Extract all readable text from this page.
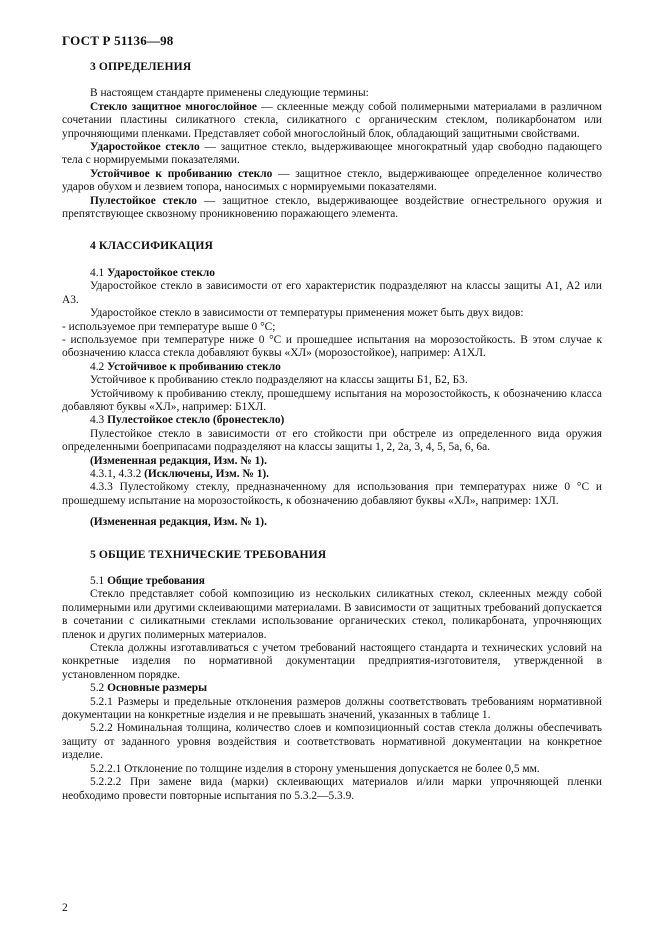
ГОСТ Р 51136—98
3 ОПРЕДЕЛЕНИЯ

В настоящем стандарте применены следующие термины:

Стекло защитное многослойное — склеенные между собой полимерными материалами в различном сочетании пластины силикатного стекла, силикатного с органическим стеклом, поликарбонатом или упрочняющими пленками. Представляет собой многослойный блок, обладающий защитными свойствами.

Ударостойкое стекло — защитное стекло, выдерживающее многократный удар свободно падающего тела с нормируемыми показателями.

Устойчивое к пробиванию стекло — защитное стекло, выдерживающее определенное количество ударов обухом и лезвием топора, наносимых с нормируемыми показателями.

Пулестойкое стекло — защитное стекло, выдерживающее воздействие огнестрельного оружия и препятствующее сквозному проникновению поражающего элемента.

4 КЛАССИФИКАЦИЯ

4.1 Ударостойкое стекло

Ударостойкое стекло в зависимости от его характеристик подразделяют на классы защиты А1, А2 или А3.

Ударостойкое стекло в зависимости от температуры применения может быть двух видов:

- используемое при температуре выше 0 °С;

- используемое при температуре ниже 0 °С и прошедшее испытания на морозостойкость. В этом случае к обозначению класса стекла добавляют буквы «ХЛ» (морозостойкое), например: А1ХЛ.

4.2 Устойчивое к пробиванию стекло

Устойчивое к пробиванию стекло подразделяют на классы защиты Б1, Б2, Б3.

Устойчивому к пробиванию стеклу, прошедшему испытания на морозостойкость, к обозначению класса добавляют буквы «ХЛ», например: Б1ХЛ.

4.3 Пулестойкое стекло (бронестекло)

Пулестойкое стекло в зависимости от его стойкости при обстреле из определенного вида оружия определенными боеприпасами подразделяют на классы защиты 1, 2, 2а, 3, 4, 5, 5а, 6, 6а.

(Измененная редакция, Изм. № 1).

4.3.1, 4.3.2 (Исключены, Изм. № 1).

4.3.3 Пулестойкому стеклу, предназначенному для использования при температурах ниже 0 °С и прошедшему испытание на морозостойкость, к обозначению добавляют буквы «ХЛ», например: 1ХЛ.

(Измененная редакция, Изм. № 1).

5 ОБЩИЕ ТЕХНИЧЕСКИЕ ТРЕБОВАНИЯ

5.1 Общие требования

Стекло представляет собой композицию из нескольких силикатных стекол, склеенных между собой полимерными или другими склеивающими материалами. В зависимости от защитных требований допускается в сочетании с силикатными стеклами использование органических стекол, поликарбоната, упрочняющих пленок и других полимерных материалов.

Стекла должны изготавливаться с учетом требований настоящего стандарта и технических условий на конкретные изделия по нормативной документации предприятия-изготовителя, утвержденной в установленном порядке.

5.2 Основные размеры

5.2.1 Размеры и предельные отклонения размеров должны соответствовать требованиям нормативной документации на конкретные изделия и не превышать значений, указанных в таблице 1.

5.2.2 Номинальная толщина, количество слоев и композиционный состав стекла должны обеспечивать защиту от заданного уровня воздействия и соответствовать нормативной документации на конкретное изделие.

5.2.2.1 Отклонение по толщине изделия в сторону уменьшения допускается не более 0,5 мм.

5.2.2.2 При замене вида (марки) склеивающих материалов и/или марки упрочняющей пленки необходимо провести повторные испытания по 5.3.2—5.3.9.

2
